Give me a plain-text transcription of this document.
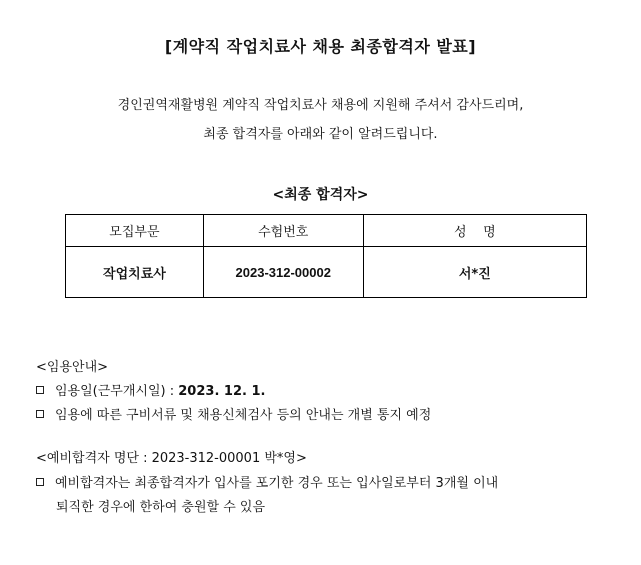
[계약직 작업치료사 채용 최종합격자 발표]
경인권역재활병원 계약직 작업치료사 채용에 지원해 주셔서 감사드리며,
최종 합격자를 아래와 같이 알려드립니다.
<최종 합격자>
모집부문	수험번호	성    명
작업치료사	2023-312-00002	서*진
<임용안내>
임용일(근무개시일) : 2023. 12. 1.
임용에 따른 구비서류 및 채용신체검사 등의 안내는 개별 통지 예정
<예비합격자 명단 : 2023-312-00001 박*영>
예비합격자는 최종합격자가 입사를 포기한 경우 또는 입사일로부터 3개월 이내
퇴직한 경우에 한하여 충원할 수 있음
